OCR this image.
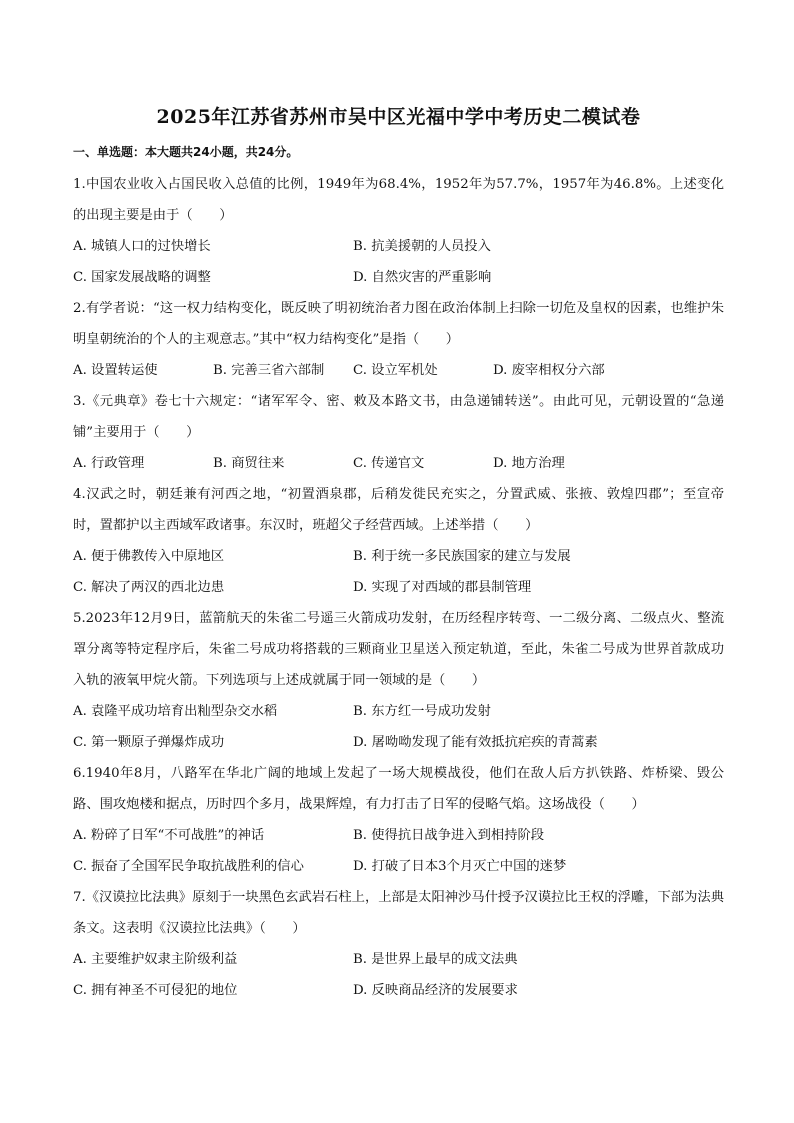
2025年江苏省苏州市吴中区光福中学中考历史二模试卷
一、单选题：本大题共24小题，共24分。

1.中国农业收入占国民收入总值的比例，1949年为68.4%，1952年为57.7%，1957年为46.8%。上述变化的出现主要是由于（　　）

A. 城镇人口的过快增长	B. 抗美援朝的人员投入
C. 国家发展战略的调整	D. 自然灾害的严重影响

2.有学者说：“这一权力结构变化，既反映了明初统治者力图在政治体制上扫除一切危及皇权的因素，也维护朱明皇朝统治的个人的主观意志。”其中“权力结构变化”是指（　　）

A. 设置转运使	B. 完善三省六部制	C. 设立军机处	D. 废宰相权分六部

3.《元典章》卷七十六规定：“诸军军令、密、敕及本路文书，由急递铺转送”。由此可见，元朝设置的“急递铺”主要用于（　　）

A. 行政管理	B. 商贸往来	C. 传递官文	D. 地方治理

4.汉武之时，朝廷兼有河西之地，“初置酒泉郡，后稍发徙民充实之，分置武威、张掖、敦煌四郡”；至宣帝时，置都护以主西域军政诸事。东汉时，班超父子经营西域。上述举措（　　）

A. 便于佛教传入中原地区	B. 利于统一多民族国家的建立与发展
C. 解决了两汉的西北边患	D. 实现了对西域的郡县制管理

5.2023年12月9日，蓝箭航天的朱雀二号遥三火箭成功发射，在历经程序转弯、一二级分离、二级点火、整流罩分离等特定程序后，朱雀二号成功将搭载的三颗商业卫星送入预定轨道，至此，朱雀二号成为世界首款成功入轨的液氧甲烷火箭。下列选项与上述成就属于同一领域的是（　　）

A. 袁隆平成功培育出籼型杂交水稻	B. 东方红一号成功发射
C. 第一颗原子弹爆炸成功	D. 屠呦呦发现了能有效抵抗疟疾的青蒿素

6.1940年8月，八路军在华北广阔的地域上发起了一场大规模战役，他们在敌人后方扒铁路、炸桥梁、毁公路、围攻炮楼和据点，历时四个多月，战果辉煌，有力打击了日军的侵略气焰。这场战役（　　）

A. 粉碎了日军“不可战胜”的神话	B. 使得抗日战争进入到相持阶段
C. 振奋了全国军民争取抗战胜利的信心	D. 打破了日本3个月灭亡中国的迷梦

7.《汉谟拉比法典》原刻于一块黑色玄武岩石柱上，上部是太阳神沙马什授予汉谟拉比王权的浮雕，下部为法典条文。这表明《汉谟拉比法典》（　　）

A. 主要维护奴隶主阶级利益	B. 是世界上最早的成文法典
C. 拥有神圣不可侵犯的地位	D. 反映商品经济的发展要求
